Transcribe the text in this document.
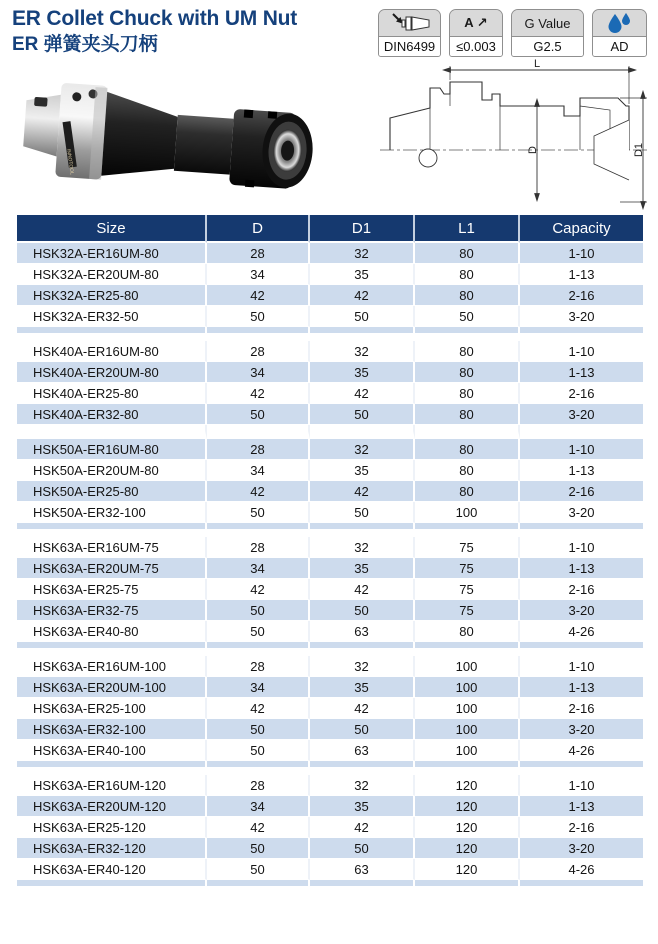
ER Collet Chuck with UM Nut
ER 弹簧夹头刀柄	DIN6499
A ↗
≤0.003
G Value
G2.5	AD
INNOTOOL
L
D	D1
Size	D	D1	L1	Capacity
HSK32A-ER16UM-80	28	32	80	1-10
HSK32A-ER20UM-80	34	35	80	1-13
HSK32A-ER25-80	42	42	80	2-16
HSK32A-ER32-50	50	50	50	3-20

HSK40A-ER16UM-80	28	32	80	1-10
HSK40A-ER20UM-80	34	35	80	1-13
HSK40A-ER25-80	42	42	80	2-16
HSK40A-ER32-80	50	50	80	3-20

HSK50A-ER16UM-80	28	32	80	1-10
HSK50A-ER20UM-80	34	35	80	1-13
HSK50A-ER25-80	42	42	80	2-16
HSK50A-ER32-100	50	50	100	3-20

HSK63A-ER16UM-75	28	32	75	1-10
HSK63A-ER20UM-75	34	35	75	1-13
HSK63A-ER25-75	42	42	75	2-16
HSK63A-ER32-75	50	50	75	3-20
HSK63A-ER40-80	50	63	80	4-26

HSK63A-ER16UM-100	28	32	100	1-10
HSK63A-ER20UM-100	34	35	100	1-13
HSK63A-ER25-100	42	42	100	2-16
HSK63A-ER32-100	50	50	100	3-20
HSK63A-ER40-100	50	63	100	4-26

HSK63A-ER16UM-120	28	32	120	1-10
HSK63A-ER20UM-120	34	35	120	1-13
HSK63A-ER25-120	42	42	120	2-16
HSK63A-ER32-120	50	50	120	3-20
HSK63A-ER40-120	50	63	120	4-26
